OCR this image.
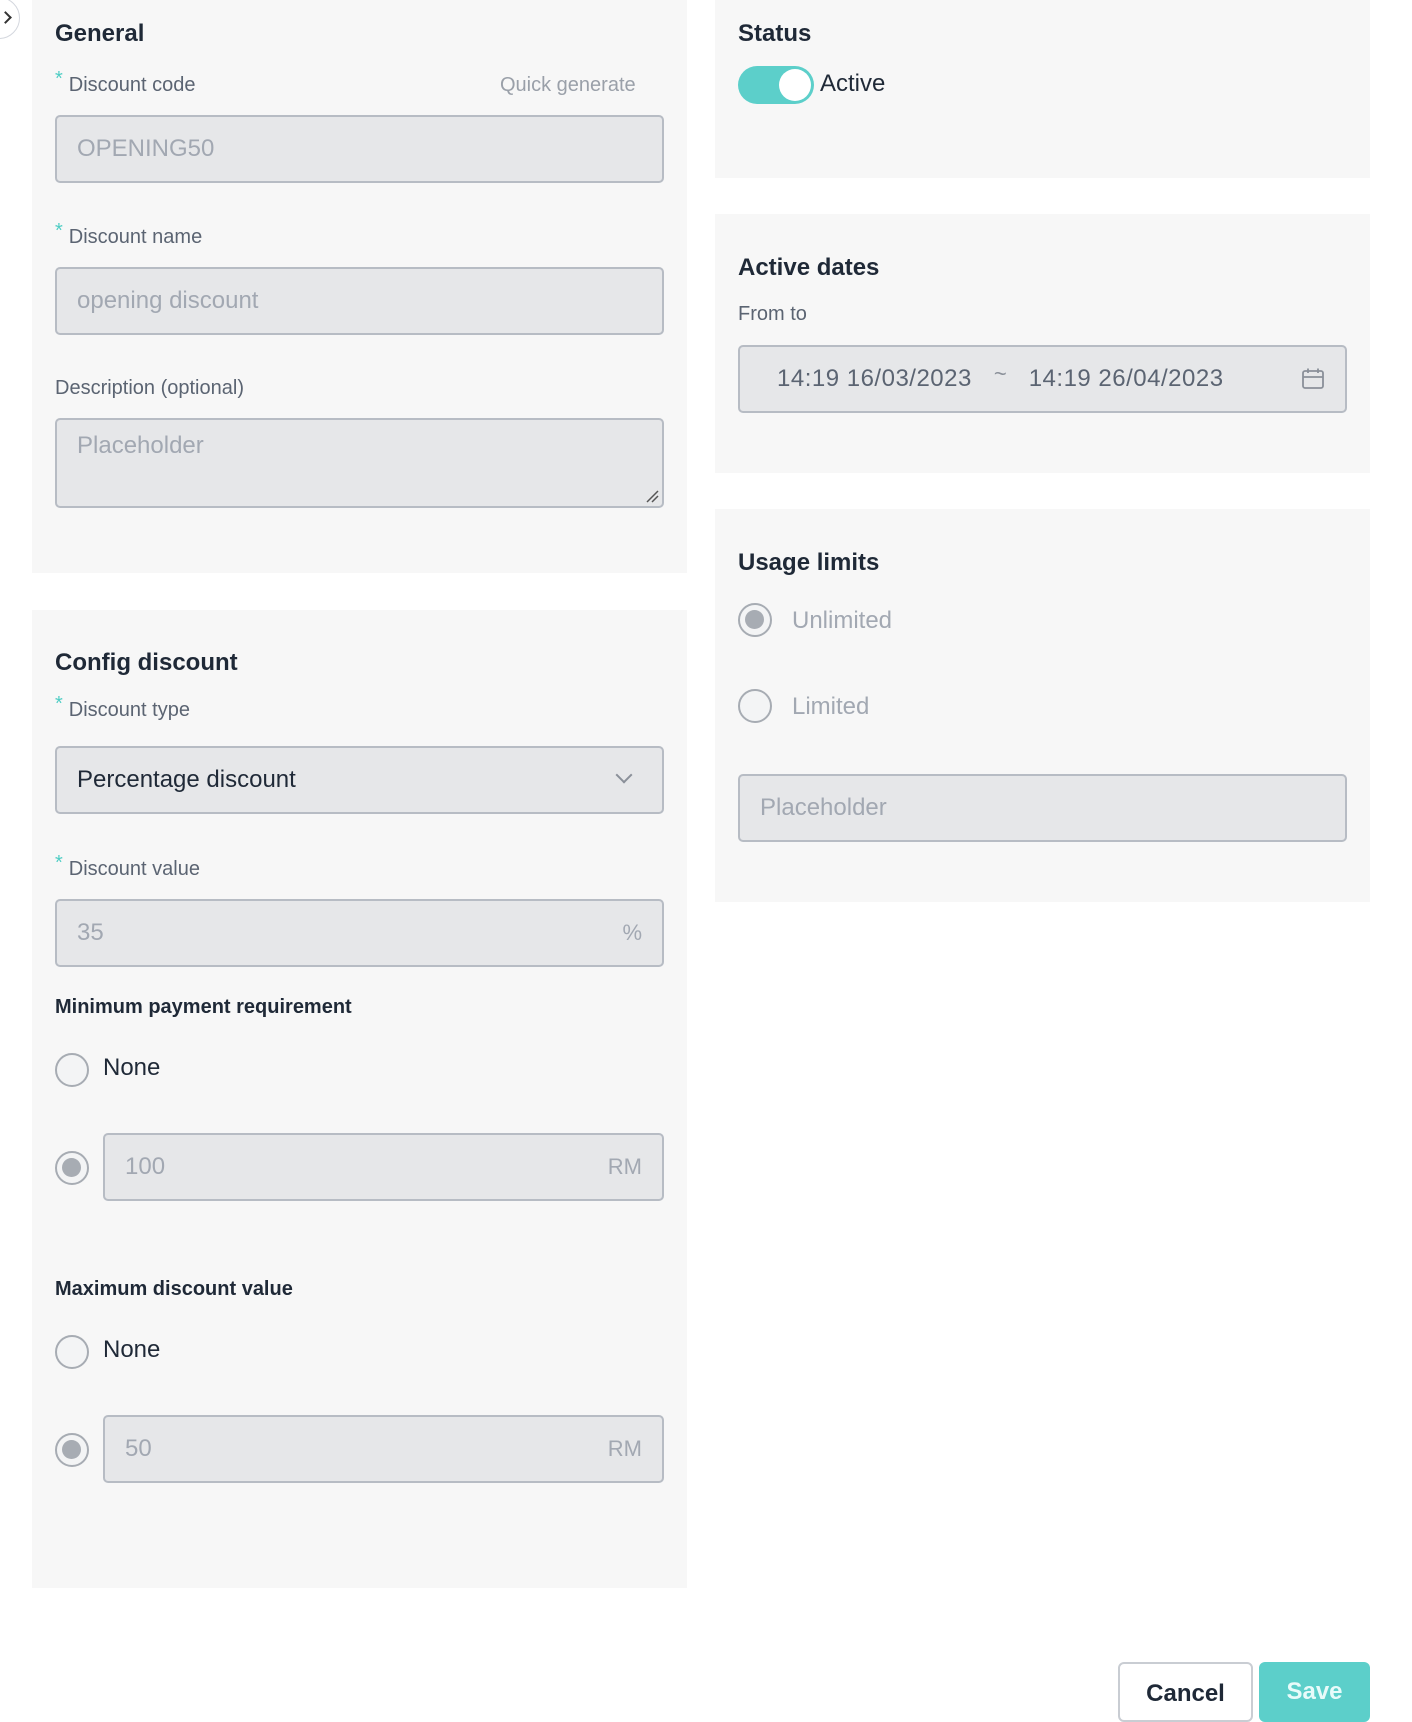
General
* Discount code	Quick generate
OPENING50
* Discount name
opening discount
Description (optional)
Placeholder
Config discount
* Discount type
Percentage discount
* Discount value
35	%
Minimum payment requirement
None
100	RM
Maximum discount value
None
50	RM
Status
Active
Active dates
From to
14:19 16/03/2023 ~ 14:19 26/04/2023
Usage limits
Unlimited
Limited
Placeholder
Cancel	Save
